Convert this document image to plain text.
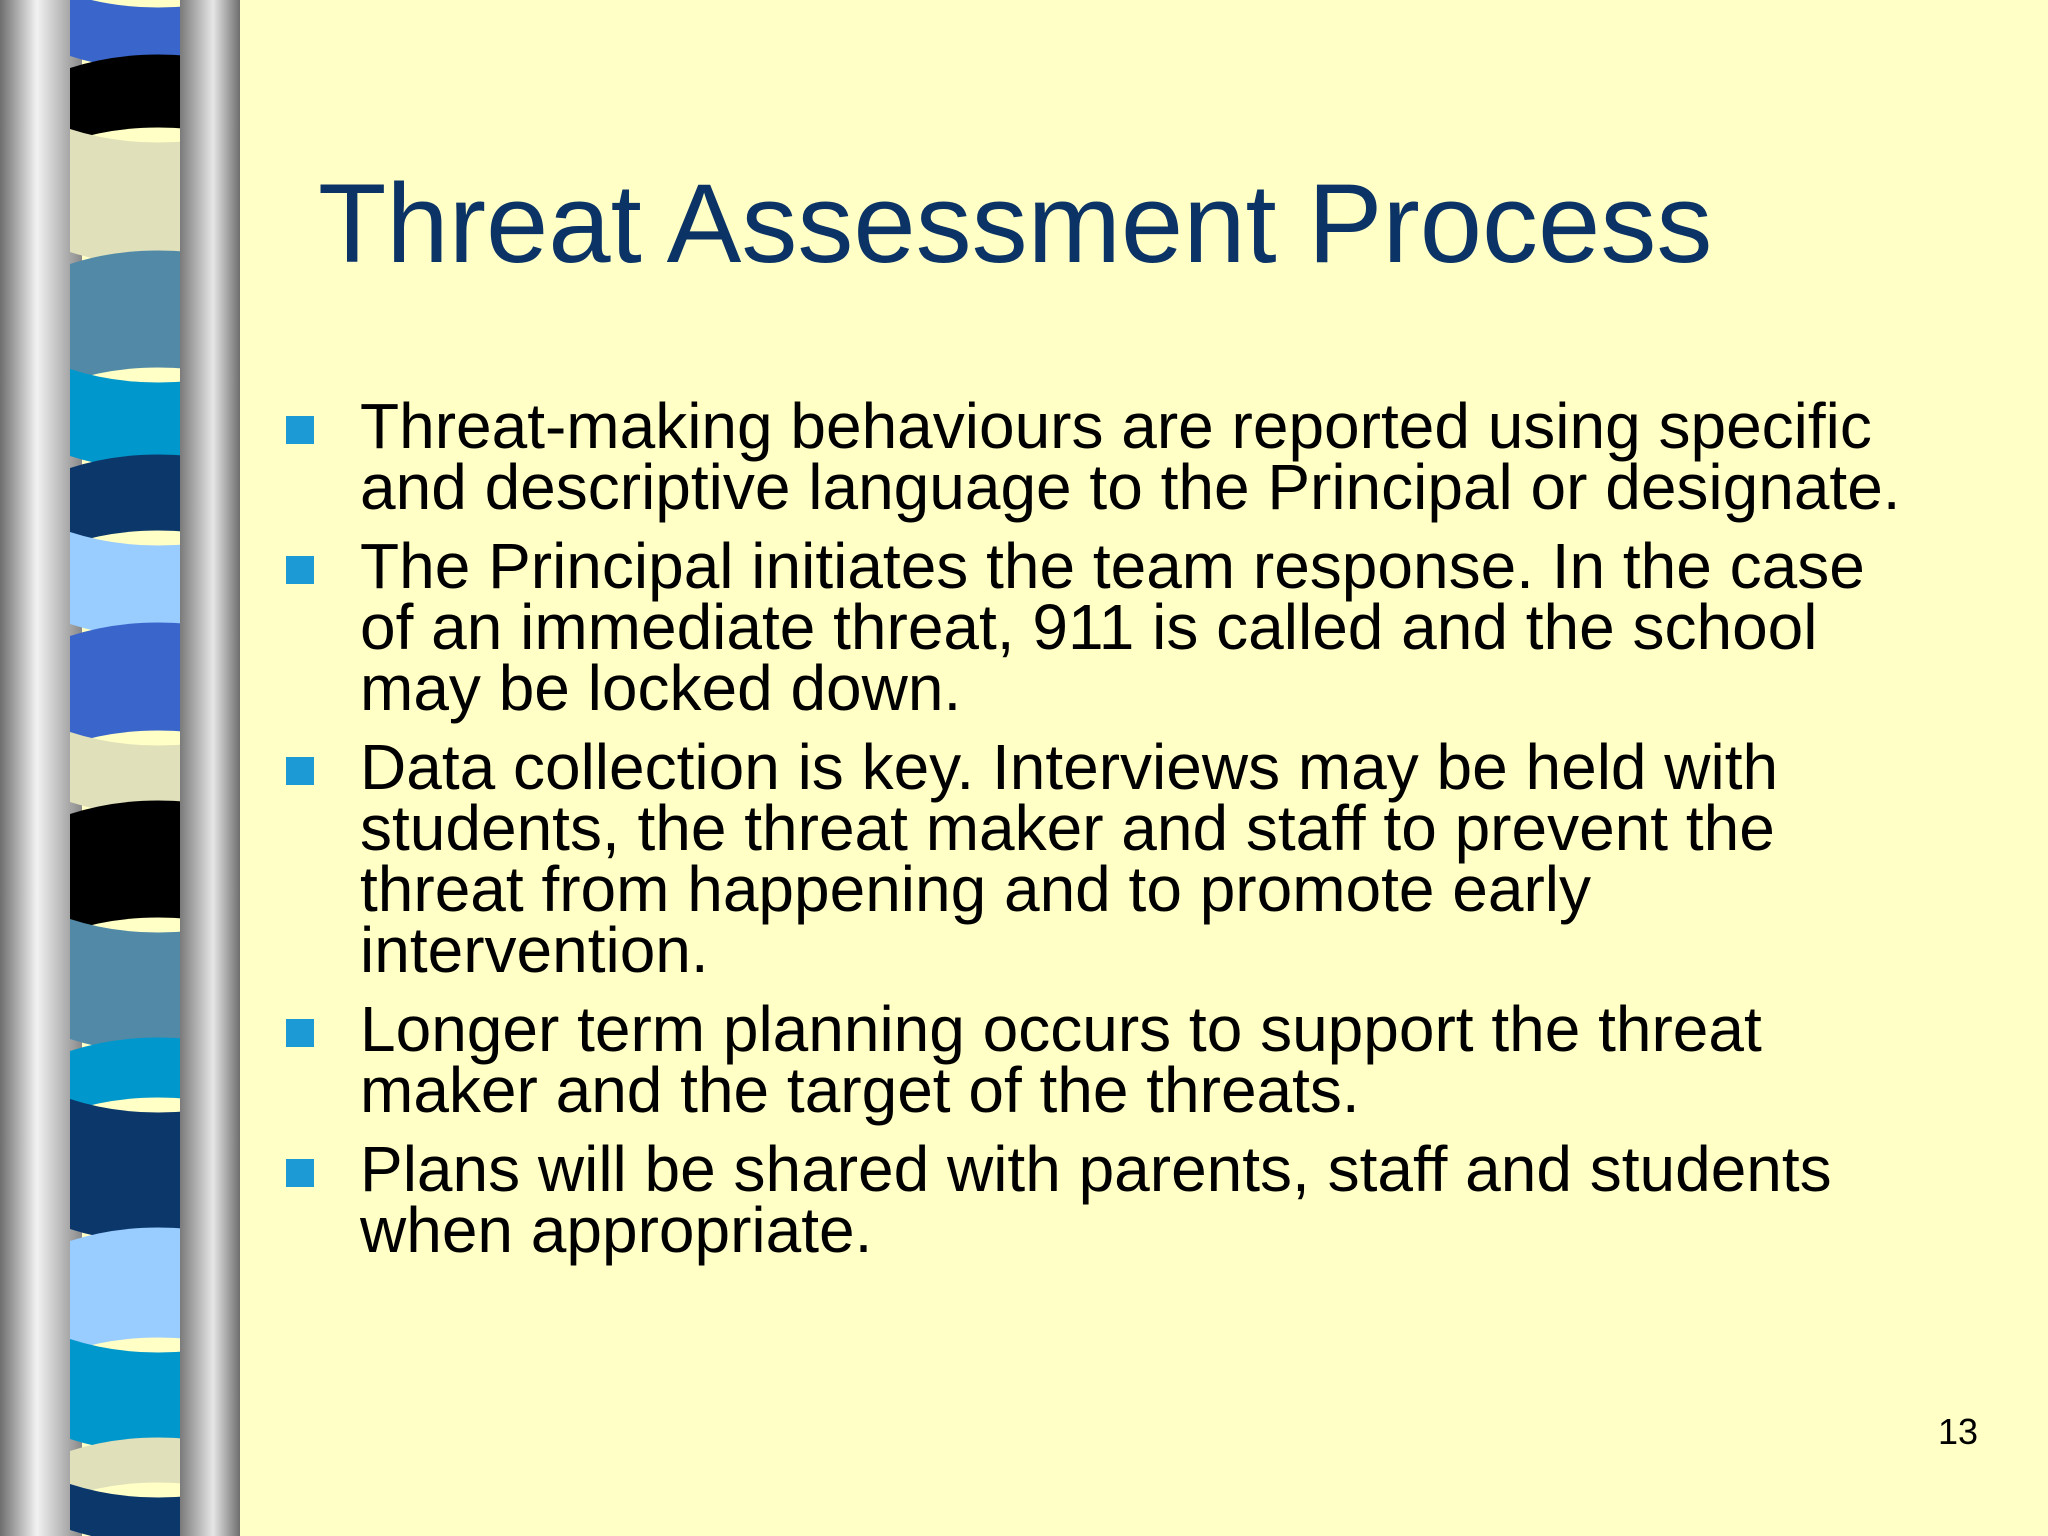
Threat Assessment Process
Threat-making behaviours are reported using specific
and descriptive language to the Principal or designate.
The Principal initiates the team response. In the case
of an immediate threat, 911 is called and the school
may be locked down.
Data collection is key. Interviews may be held with
students, the threat maker and staff to prevent the
threat from happening and to promote early
intervention.
Longer term planning occurs to support the threat
maker and the target of the threats.
Plans will be shared with parents, staff and students
when appropriate.
13
